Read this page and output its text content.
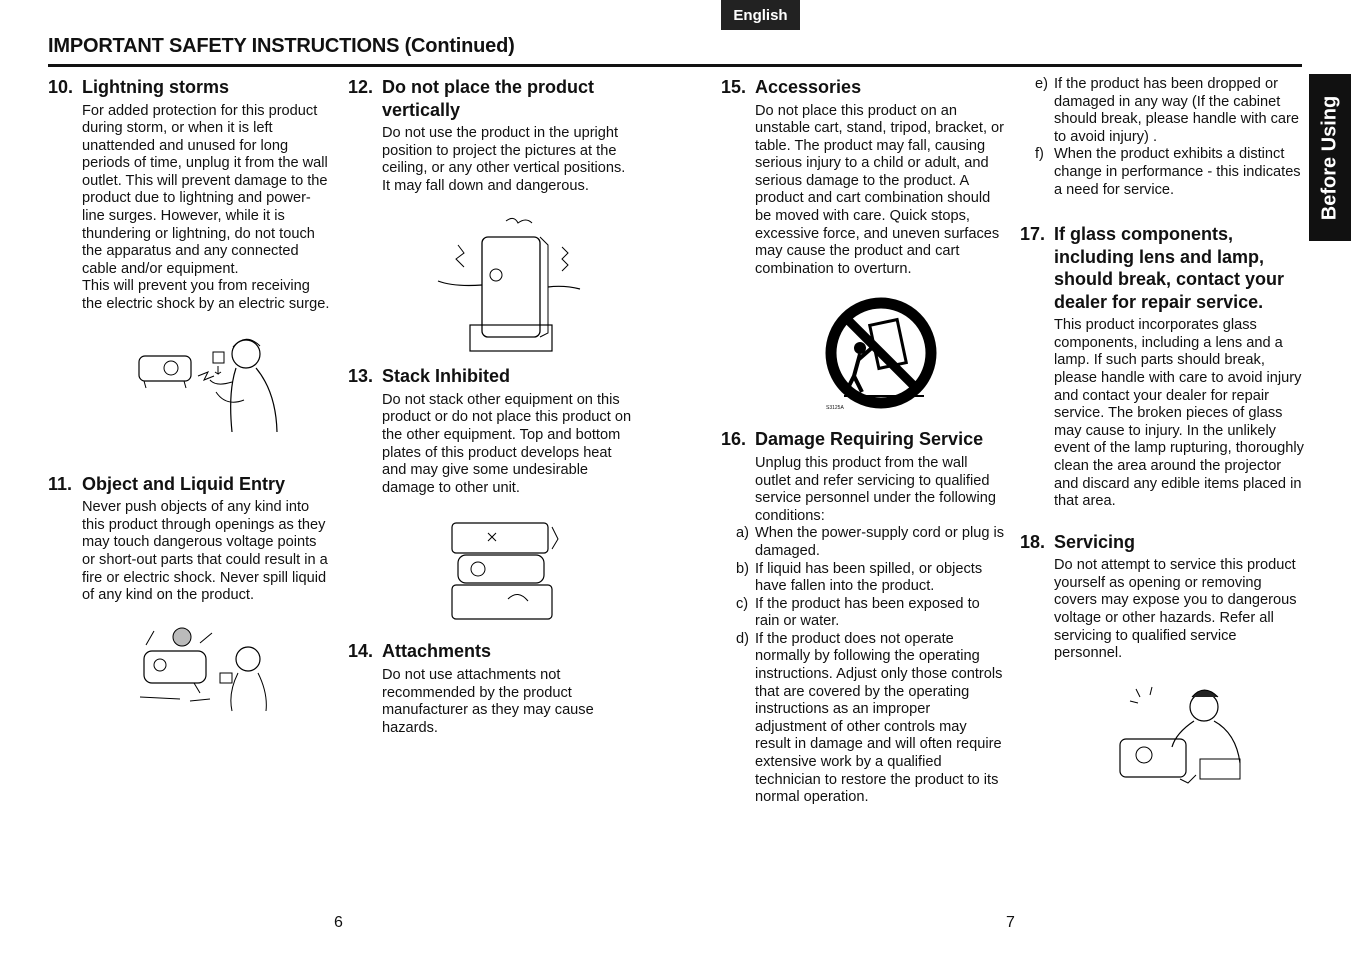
English
IMPORTANT SAFETY INSTRUCTIONS (Continued)
Before Using
10. Lightning storms

For added protection for this product during storm, or when it is left unattended and unused for long periods of time, unplug it from the wall outlet. This will prevent damage to the product due to lightning and power-line surges. However, while it is thundering or lightning, do not touch the apparatus and any connected cable and/or equipment.

This will prevent you from receiving the electric shock by an electric surge.

11. Object and Liquid Entry

Never push objects of any kind into this product through openings as they may touch dangerous voltage points or short-out parts that could result in a fire or electric shock. Never spill liquid of any kind on the product.

12. Do not place the product vertically

Do not use the product in the upright position to project the pictures at the ceiling, or any other vertical positions. It may fall down and dangerous.

13. Stack Inhibited

Do not stack other equipment on this product or do not place this product on the other equipment. Top and bottom plates of this product develops heat and may give some undesirable damage to other unit.

14. Attachments

Do not use attachments not recommended by the product manufacturer as they may cause hazards.

15. Accessories

Do not place this product on an unstable cart, stand, tripod, bracket, or table. The product may fall, causing serious injury to a child or adult, and serious damage to the product. A product and cart combination should be moved with care. Quick stops, excessive force, and uneven surfaces may cause the product and cart combination to overturn.

S3125A
16. Damage Requiring Service

Unplug this product from the wall outlet and refer servicing to qualified service personnel under the following conditions:

a) When the power-supply cord or plug is damaged.
b) If liquid has been spilled, or objects have fallen into the product.
c) If the product has been exposed to rain or water.
d) If the product does not operate normally by following the operating instructions. Adjust only those controls that are covered by the operating instructions as an improper adjustment of other controls may result in damage and will often require extensive work by a qualified technician to restore the product to its normal operation.
e) If the product has been dropped or damaged in any way (If the cabinet should break, please handle with care to avoid injury) .
f) When the product exhibits a distinct change in performance - this indicates a need for service.
17. If glass components, including lens and lamp, should break, contact your dealer for repair service.

This product incorporates glass components, including a lens and a lamp. If such parts should break, please handle with care to avoid injury and contact your dealer for repair service. The broken pieces of glass may cause to injury. In the unlikely event of the lamp rupturing, thoroughly clean the area around the projector and discard any edible items placed in that area.

18. Servicing

Do not attempt to service this product yourself as opening or removing covers may expose you to dangerous voltage or other hazards. Refer all servicing to qualified service personnel.

6	7
